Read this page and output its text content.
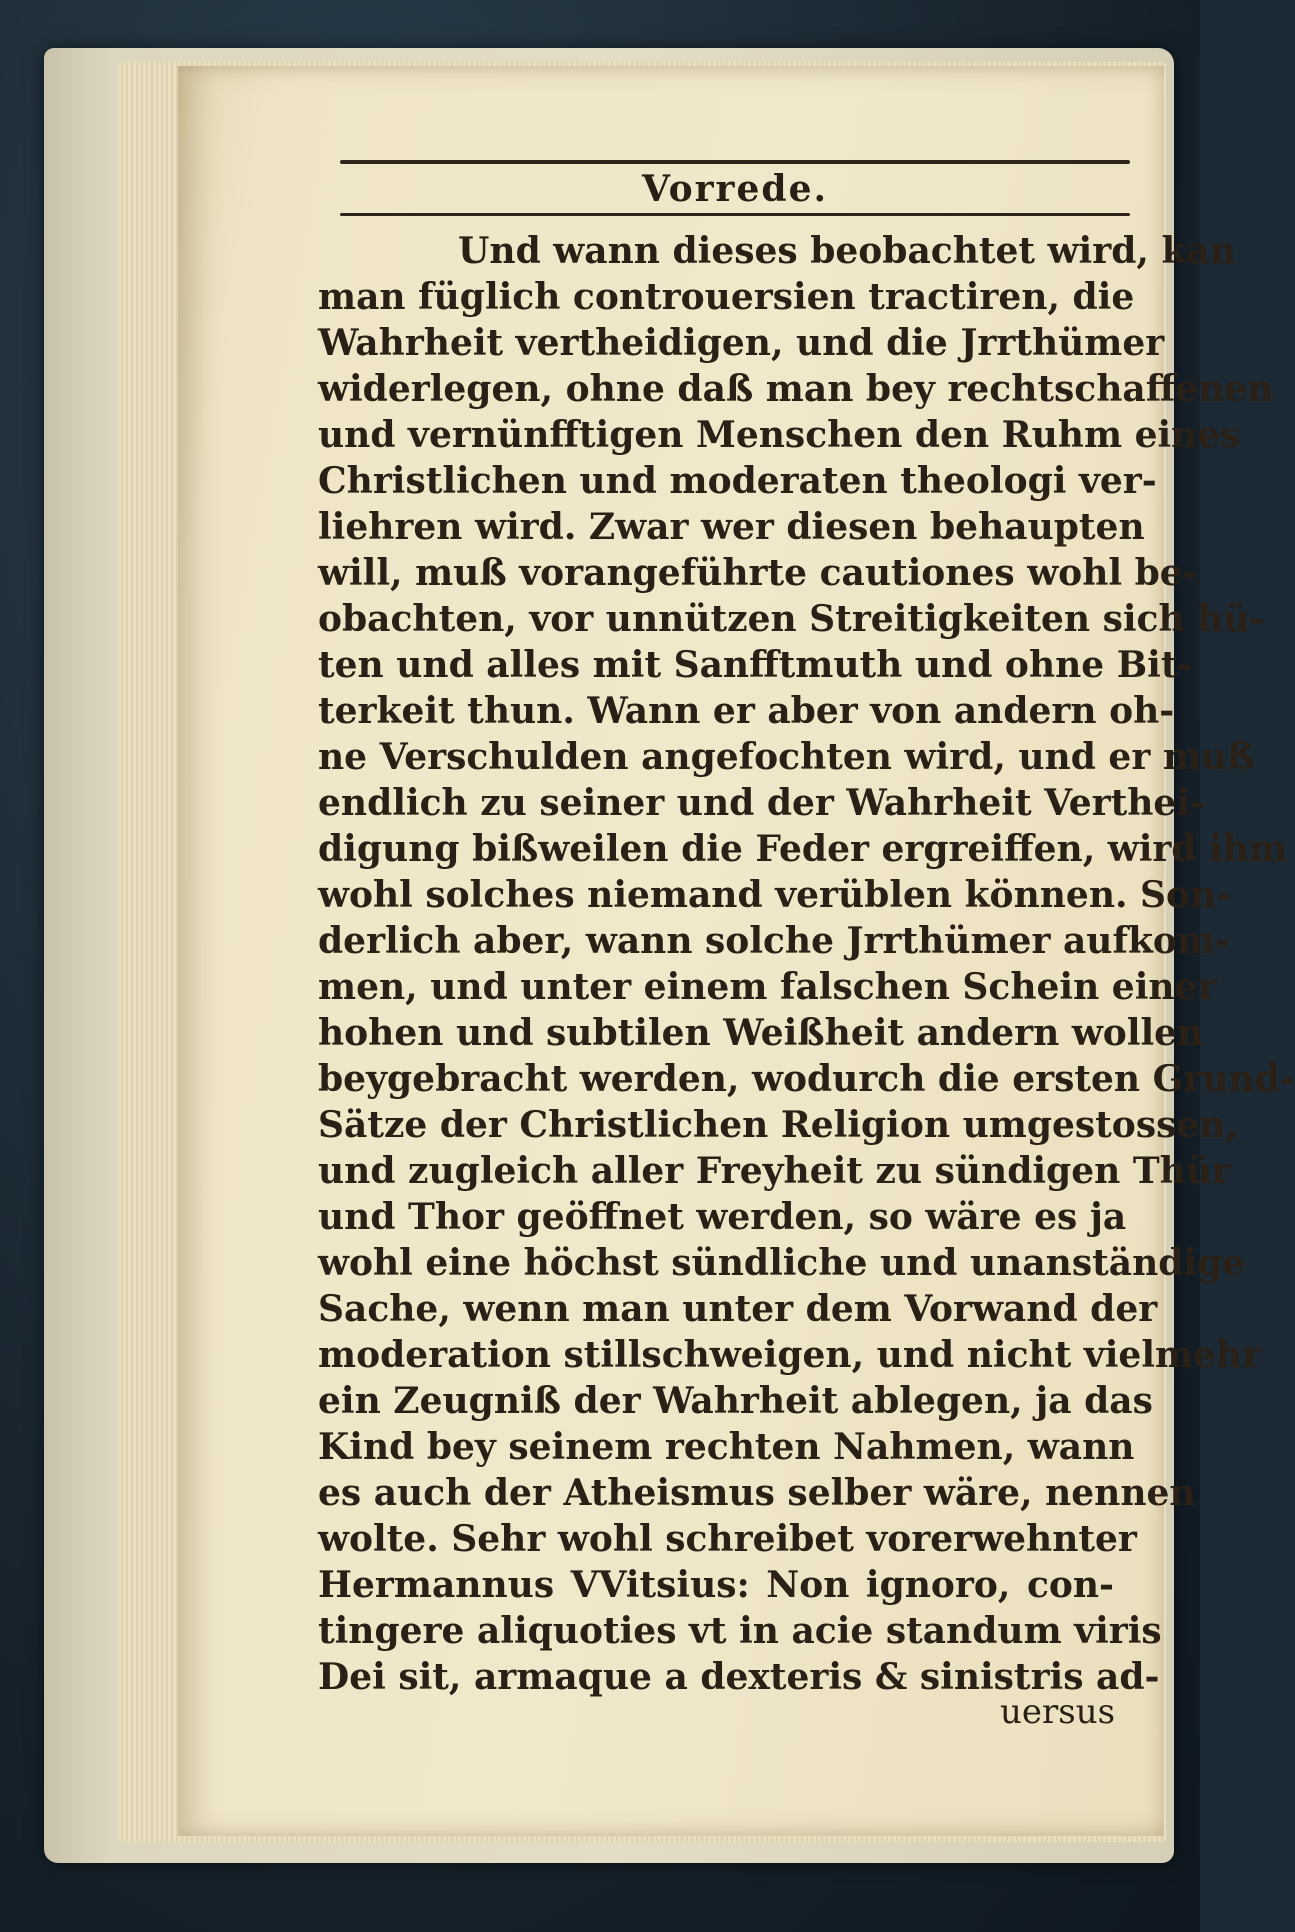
Vorrede.
Und wann dieses beobachtet wird, kan
man füglich controuersien tractiren, die
Wahrheit vertheidigen, und die Jrrthümer
widerlegen, ohne daß man bey rechtschaffenen
und vernünfftigen Menschen den Ruhm eines
Christlichen und moderaten theologi ver-
liehren wird. Zwar wer diesen behaupten
will, muß vorangeführte cautiones wohl be-
obachten, vor unnützen Streitigkeiten sich hü-
ten und alles mit Sanfftmuth und ohne Bit-
terkeit thun. Wann er aber von andern oh-
ne Verschulden angefochten wird, und er muß
endlich zu seiner und der Wahrheit Verthei-
digung bißweilen die Feder ergreiffen, wird ihm
wohl solches niemand verüblen können. Son-
derlich aber, wann solche Jrrthümer aufkom-
men, und unter einem falschen Schein einer
hohen und subtilen Weißheit andern wollen
beygebracht werden, wodurch die ersten Grund-
Sätze der Christlichen Religion umgestossen,
und zugleich aller Freyheit zu sündigen Thür
und Thor geöffnet werden, so wäre es ja
wohl eine höchst sündliche und unanständige
Sache, wenn man unter dem Vorwand der
moderation stillschweigen, und nicht vielmehr
ein Zeugniß der Wahrheit ablegen, ja das
Kind bey seinem rechten Nahmen, wann
es auch der Atheismus selber wäre, nennen
wolte. Sehr wohl schreibet vorerwehnter
Hermannus VVitsius: Non ignoro, con-
tingere aliquoties vt in acie standum viris
Dei sit, armaque a dexteris & sinistris ad-
uersus
